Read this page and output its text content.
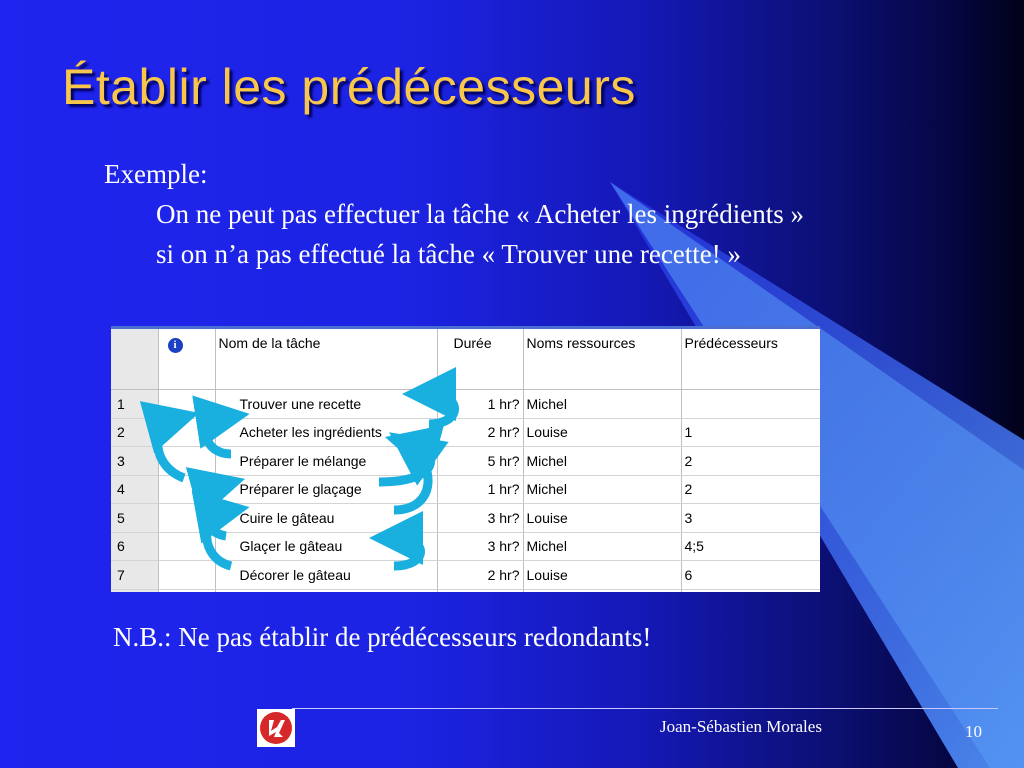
Établir les prédécesseurs
Exemple:
On ne peut pas effectuer la tâche « Acheter les ingrédients » si on n’a pas effectué la tâche « Trouver une recette! »
	i	Nom de la tâche	Durée	Noms ressources	Prédécesseurs
1		Trouver une recette	1 hr?	Michel	
2		Acheter les ingrédients	2 hr?	Louise	1
3		Préparer le mélange	5 hr?	Michel	2
4		Préparer le glaçage	1 hr?	Michel	2
5		Cuire le gâteau	3 hr?	Louise	3
6		Glaçer le gâteau	3 hr?	Michel	4;5
7		Décorer le gâteau	2 hr?	Louise	6

N.B.: Ne pas établir de prédécesseurs redondants!
Joan-Sébastien Morales	10
